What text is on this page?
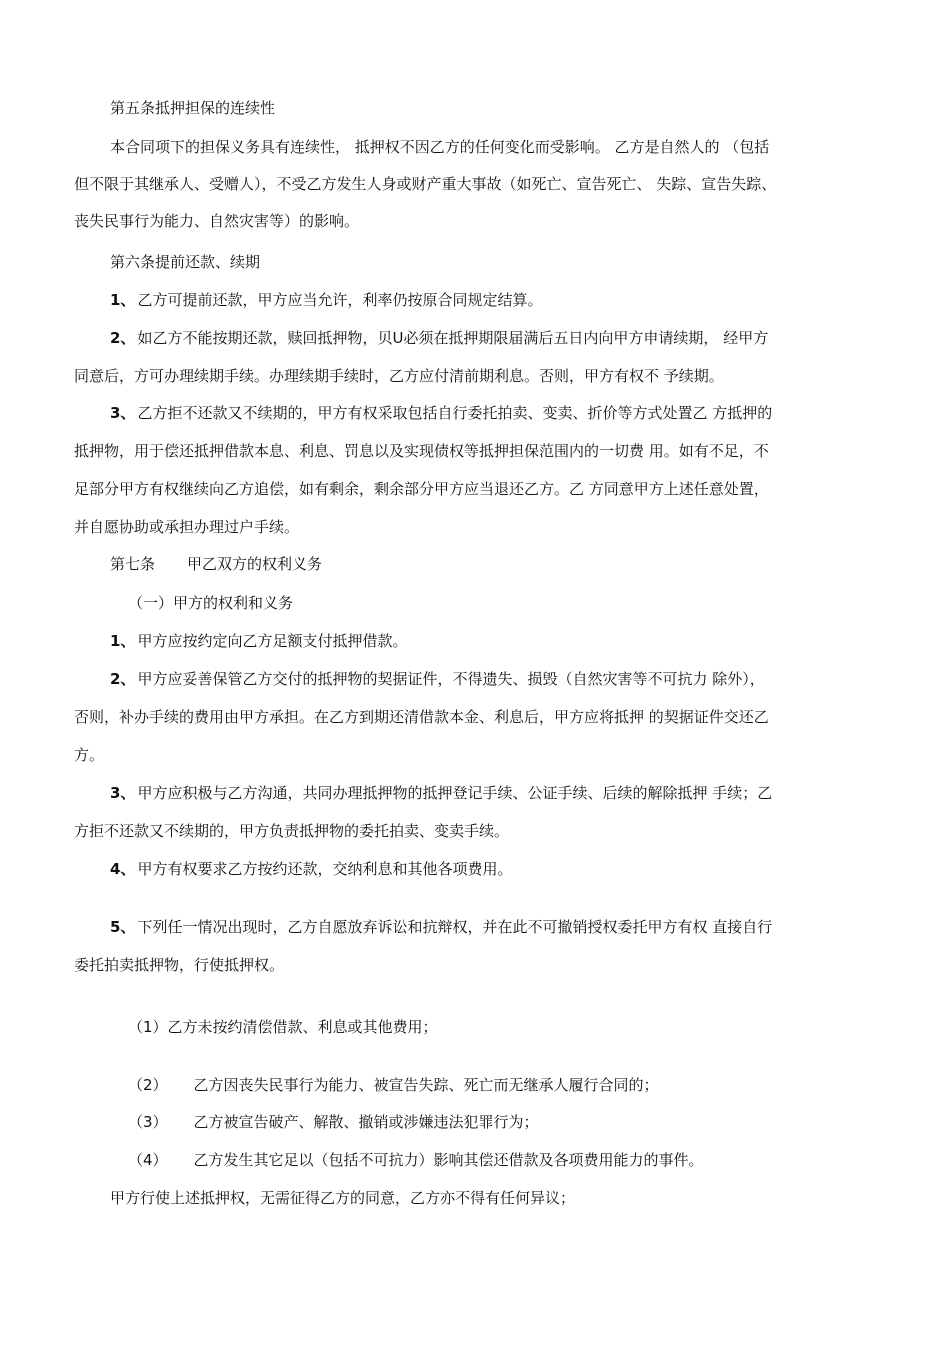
第五条抵押担保的连续性

本合同项下的担保义务具有连续性， 抵押权不因乙方的任何变化而受影响。 乙方是自然人的 （包括

但不限于其继承人、受赠人），不受乙方发生人身或财产重大事故（如死亡、宣告死亡、 失踪、宣告失踪、

丧失民事行为能力、自然灾害等）的影响。

第六条提前还款、续期

1、 乙方可提前还款，甲方应当允许，利率仍按原合同规定结算。

2、 如乙方不能按期还款，赎回抵押物，贝U必须在抵押期限届满后五日内向甲方申请续期， 经甲方

同意后，方可办理续期手续。办理续期手续时，乙方应付清前期利息。否则，甲方有权不 予续期。

3、 乙方拒不还款又不续期的，甲方有权采取包括自行委托拍卖、变卖、折价等方式处置乙 方抵押的

抵押物，用于偿还抵押借款本息、利息、罚息以及实现债权等抵押担保范围内的一切费 用。如有不足，不

足部分甲方有权继续向乙方追偿，如有剩余，剩余部分甲方应当退还乙方。乙 方同意甲方上述任意处置，

并自愿协助或承担办理过户手续。

第七条 甲乙双方的权利义务
（一）甲方的权利和义务

1、 甲方应按约定向乙方足额支付抵押借款。

2、 甲方应妥善保管乙方交付的抵押物的契据证件，不得遗失、损毁（自然灾害等不可抗力 除外），

否则，补办手续的费用由甲方承担。在乙方到期还清借款本金、利息后，甲方应将抵押 的契据证件交还乙

方。

3、 甲方应积极与乙方沟通，共同办理抵押物的抵押登记手续、公证手续、后续的解除抵押 手续；乙

方拒不还款又不续期的，甲方负责抵押物的委托拍卖、变卖手续。

4、 甲方有权要求乙方按约还款，交纳利息和其他各项费用。

5、 下列任一情况出现时，乙方自愿放弃诉讼和抗辩权，并在此不可撤销授权委托甲方有权 直接自行

委托拍卖抵押物，行使抵押权。

（1）乙方未按约清偿借款、利息或其他费用；
（2） 乙方因丧失民事行为能力、被宣告失踪、死亡而无继承人履行合同的；
（3） 乙方被宣告破产、解散、撤销或涉嫌违法犯罪行为；
（4） 乙方发生其它足以（包括不可抗力）影响其偿还借款及各项费用能力的事件。
甲方行使上述抵押权，无需征得乙方的同意，乙方亦不得有任何异议；
